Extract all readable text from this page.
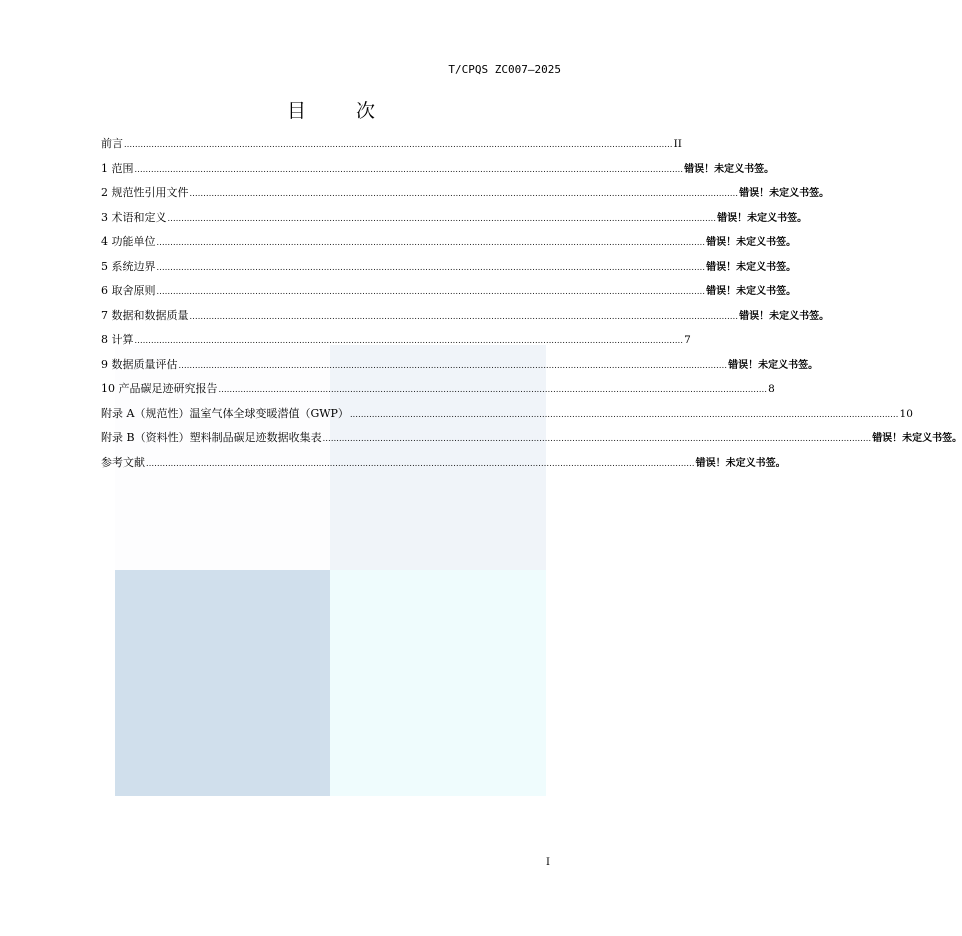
T/CPQS ZC007—2025
目 次
前言 ........................................................................................................................................................................................................ II
1 范围 ........................................................................................................................................................................................................ 错误！未定义书签。
2 规范性引用文件 ........................................................................................................................................................................................................ 错误！未定义书签。
3 术语和定义 ........................................................................................................................................................................................................ 错误！未定义书签。
4 功能单位 ........................................................................................................................................................................................................ 错误！未定义书签。
5 系统边界 ........................................................................................................................................................................................................ 错误！未定义书签。
6 取舍原则 ........................................................................................................................................................................................................ 错误！未定义书签。
7 数据和数据质量 ........................................................................................................................................................................................................ 错误！未定义书签。
8 计算 ........................................................................................................................................................................................................ 7
9 数据质量评估 ........................................................................................................................................................................................................ 错误！未定义书签。
10 产品碳足迹研究报告 ........................................................................................................................................................................................................ 8
附录 A（规范性）温室气体全球变暖潜值（GWP） ........................................................................................................................................................................................................ 10
附录 B（资料性）塑料制品碳足迹数据收集表 ........................................................................................................................................................................................................ 错误！未定义书签。
参考文献 ........................................................................................................................................................................................................ 错误！未定义书签。
I
